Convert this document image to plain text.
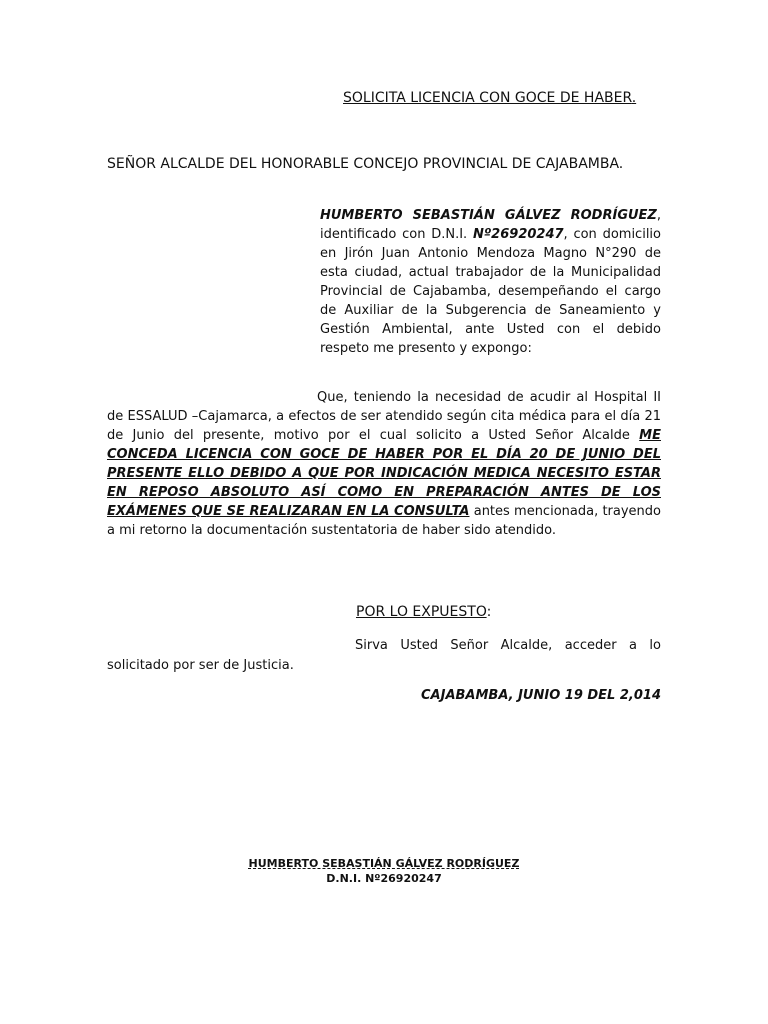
SOLICITA LICENCIA CON GOCE DE HABER.
SEÑOR ALCALDE DEL HONORABLE CONCEJO PROVINCIAL DE CAJABAMBA.
HUMBERTO SEBASTIÁN GÁLVEZ RODRÍGUEZ, identificado con D.N.I. Nº26920247, con domicilio en Jirón Juan Antonio Mendoza Magno N°290 de esta ciudad, actual trabajador de la Municipalidad Provincial de Cajabamba, desempeñando el cargo de Auxiliar de la Subgerencia de Saneamiento y Gestión Ambiental, ante Usted con el debido respeto me presento y expongo:
Que, teniendo la necesidad de acudir al Hospital II de ESSALUD –Cajamarca, a efectos de ser atendido según cita médica para el día 21 de Junio del presente, motivo por el cual solicito a Usted Señor Alcalde ME CONCEDA LICENCIA CON GOCE DE HABER POR EL DÍA 20 DE JUNIO DEL PRESENTE ELLO DEBIDO A QUE POR INDICACIÓN MEDICA NECESITO ESTAR EN REPOSO ABSOLUTO ASÍ COMO EN PREPARACIÓN ANTES DE LOS EXÁMENES QUE SE REALIZARAN EN LA CONSULTA antes mencionada, trayendo a mi retorno la documentación sustentatoria de haber sido atendido.
POR LO EXPUESTO:
Sirva Usted Señor Alcalde, acceder a lo solicitado por ser de Justicia.
CAJABAMBA, JUNIO 19 DEL 2,014
HUMBERTO SEBASTIÁN GÁLVEZ RODRÍGUEZ
D.N.I. Nº26920247
